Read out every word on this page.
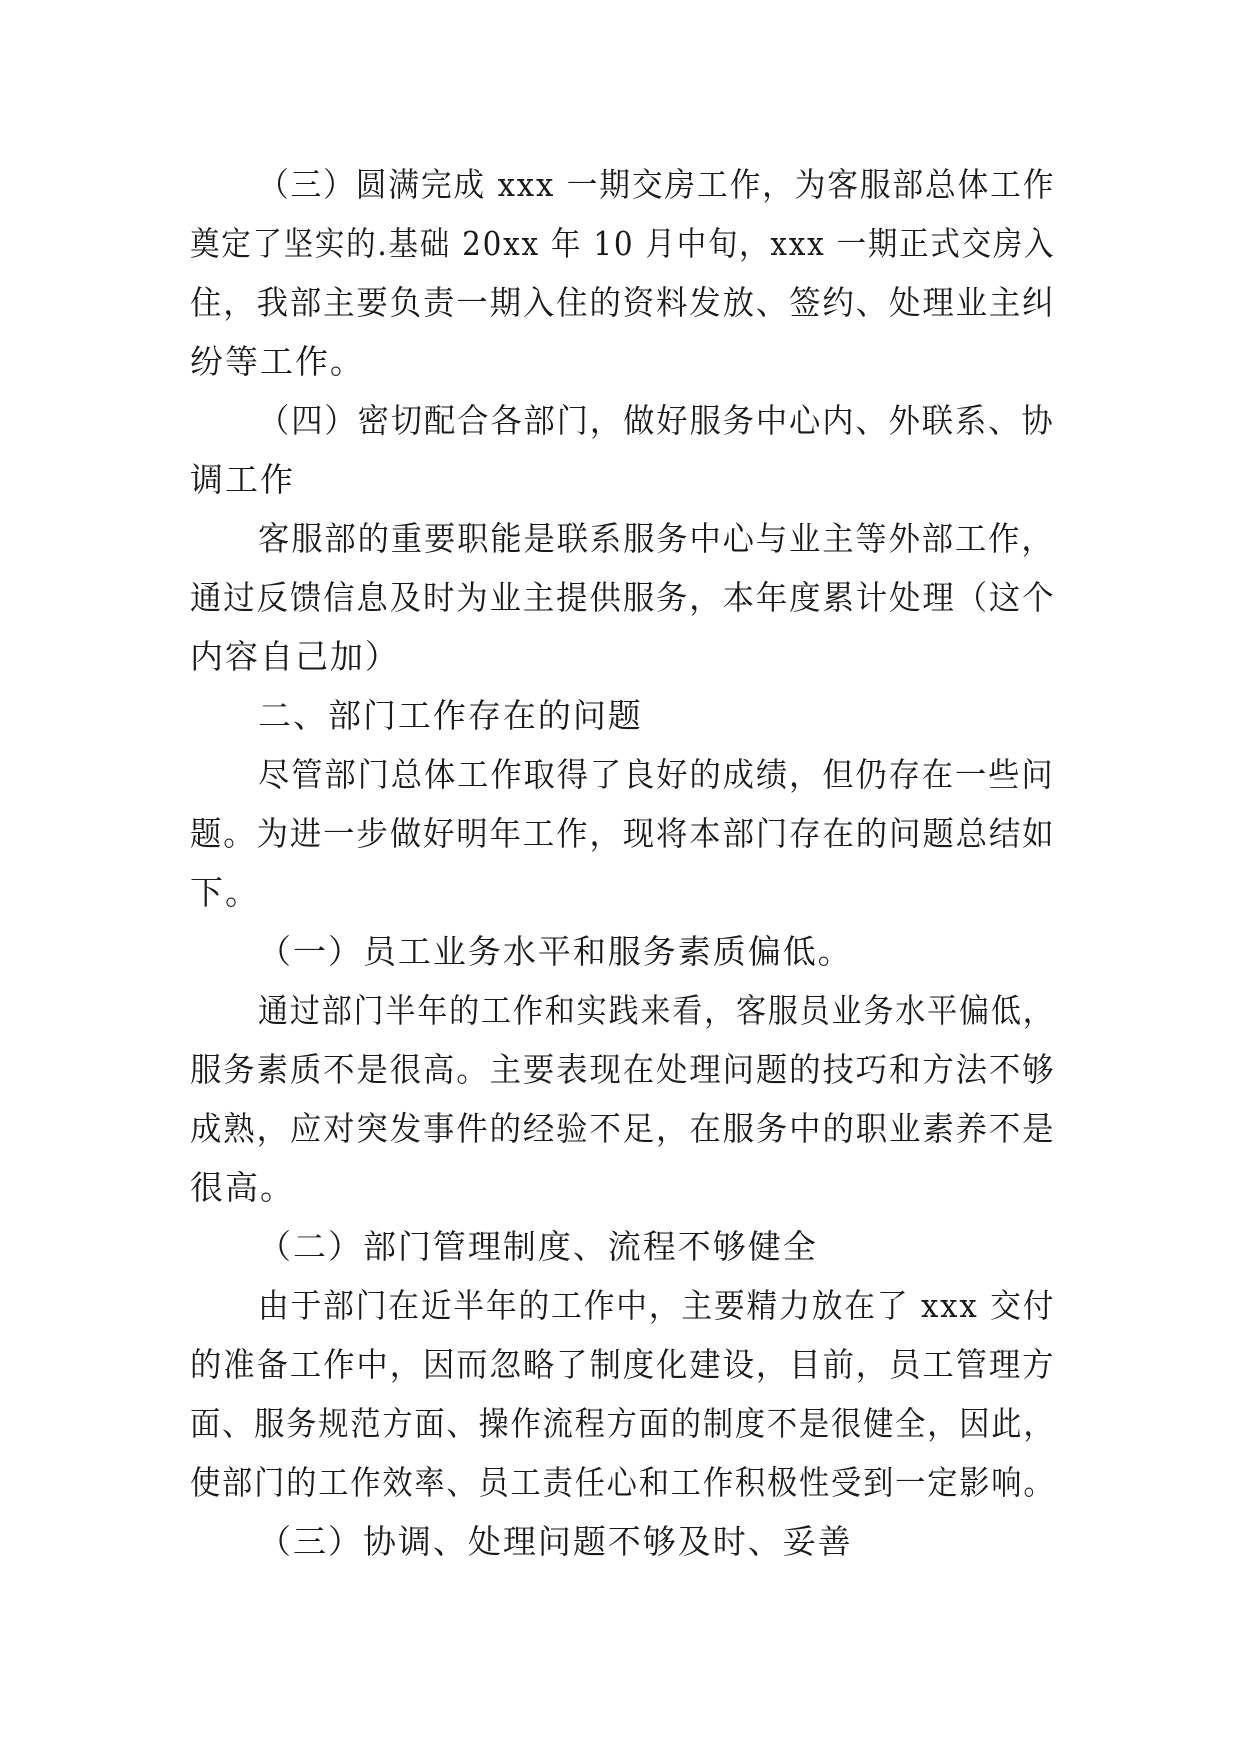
（三）圆满完成 xxx 一期交房工作，为客服部总体工作
奠定了坚实的.基础 20xx 年 10 月中旬，xxx 一期正式交房入
住，我部主要负责一期入住的资料发放、签约、处理业主纠
纷等工作。
（四）密切配合各部门，做好服务中心内、外联系、协
调工作
客服部的重要职能是联系服务中心与业主等外部工作，
通过反馈信息及时为业主提供服务，本年度累计处理（这个
内容自己加）
二、部门工作存在的问题
尽管部门总体工作取得了良好的成绩，但仍存在一些问
题。为进一步做好明年工作，现将本部门存在的问题总结如
下。
（一）员工业务水平和服务素质偏低。
通过部门半年的工作和实践来看，客服员业务水平偏低，
服务素质不是很高。主要表现在处理问题的技巧和方法不够
成熟，应对突发事件的经验不足，在服务中的职业素养不是
很高。
（二）部门管理制度、流程不够健全
由于部门在近半年的工作中，主要精力放在了 xxx 交付
的准备工作中，因而忽略了制度化建设，目前，员工管理方
面、服务规范方面、操作流程方面的制度不是很健全，因此，
使部门的工作效率、员工责任心和工作积极性受到一定影响。
（三）协调、处理问题不够及时、妥善
